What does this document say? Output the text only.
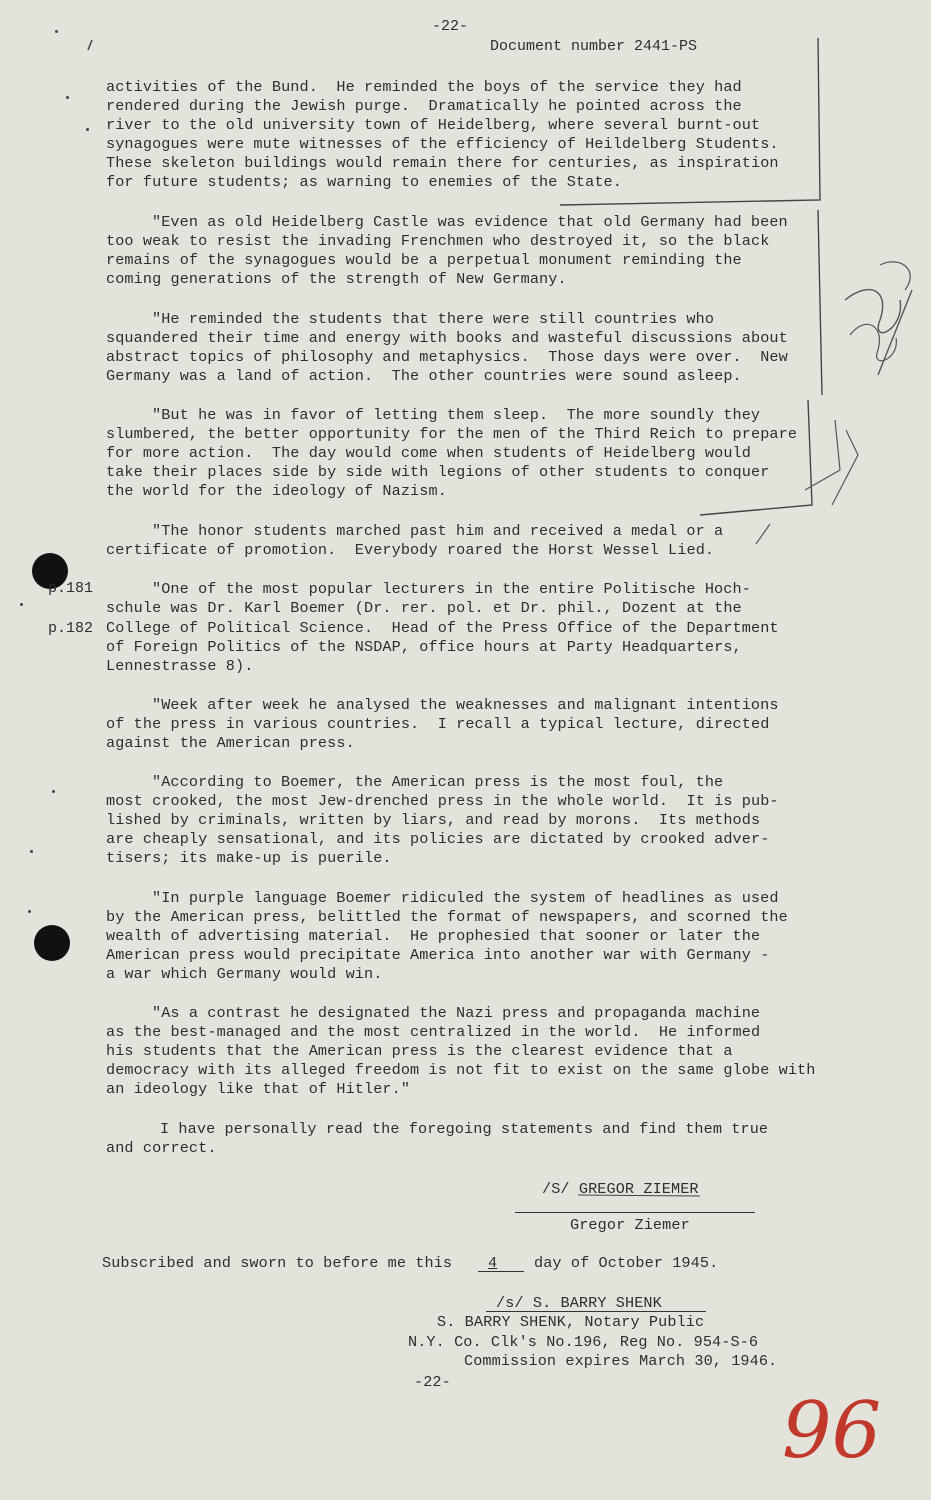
-22-
Document number 2441-PS
activities of the Bund.  He reminded the boys of the service they had
rendered during the Jewish purge.  Dramatically he pointed across the
river to the old university town of Heidelberg, where several burnt-out
synagogues were mute witnesses of the efficiency of Heildelberg Students.
These skeleton buildings would remain there for centuries, as inspiration
for future students; as warning to enemies of the State.
"Even as old Heidelberg Castle was evidence that old Germany had been
too weak to resist the invading Frenchmen who destroyed it, so the black
remains of the synagogues would be a perpetual monument reminding the
coming generations of the strength of New Germany.
"He reminded the students that there were still countries who
squandered their time and energy with books and wasteful discussions about
abstract topics of philosophy and metaphysics.  Those days were over.  New
Germany was a land of action.  The other countries were sound asleep.
"But he was in favor of letting them sleep.  The more soundly they
slumbered, the better opportunity for the men of the Third Reich to prepare
for more action.  The day would come when students of Heidelberg would
take their places side by side with legions of other students to conquer
the world for the ideology of Nazism.
"The honor students marched past him and received a medal or a
certificate of promotion.  Everybody roared the Horst Wessel Lied.
p.181
p.182
"One of the most popular lecturers in the entire Politische Hoch-
schule was Dr. Karl Boemer (Dr. rer. pol. et Dr. phil., Dozent at the
College of Political Science.  Head of the Press Office of the Department
of Foreign Politics of the NSDAP, office hours at Party Headquarters,
Lennestrasse 8).
"Week after week he analysed the weaknesses and malignant intentions
of the press in various countries.  I recall a typical lecture, directed
against the American press.
"According to Boemer, the American press is the most foul, the
most crooked, the most Jew-drenched press in the whole world.  It is pub-
lished by criminals, written by liars, and read by morons.  Its methods
are cheaply sensational, and its policies are dictated by crooked adver-
tisers; its make-up is puerile.
"In purple language Boemer ridiculed the system of headlines as used
by the American press, belittled the format of newspapers, and scorned the
wealth of advertising material.  He prophesied that sooner or later the
American press would precipitate America into another war with Germany -
a war which Germany would win.
"As a contrast he designated the Nazi press and propaganda machine
as the best-managed and the most centralized in the world.  He informed
his students that the American press is the clearest evidence that a
democracy with its alleged freedom is not fit to exist on the same globe with
an ideology like that of Hitler."
I have personally read the foregoing statements and find them true
and correct.
/S/ GREGOR ZIEMER
Gregor Ziemer
Subscribed and sworn to before me this 4 day of October 1945.
/s/ S. BARRY SHENK
S. BARRY SHENK, Notary Public
N.Y. Co. Clk's No.196, Reg No. 954-S-6
Commission expires March 30, 1946.
-22-
96
